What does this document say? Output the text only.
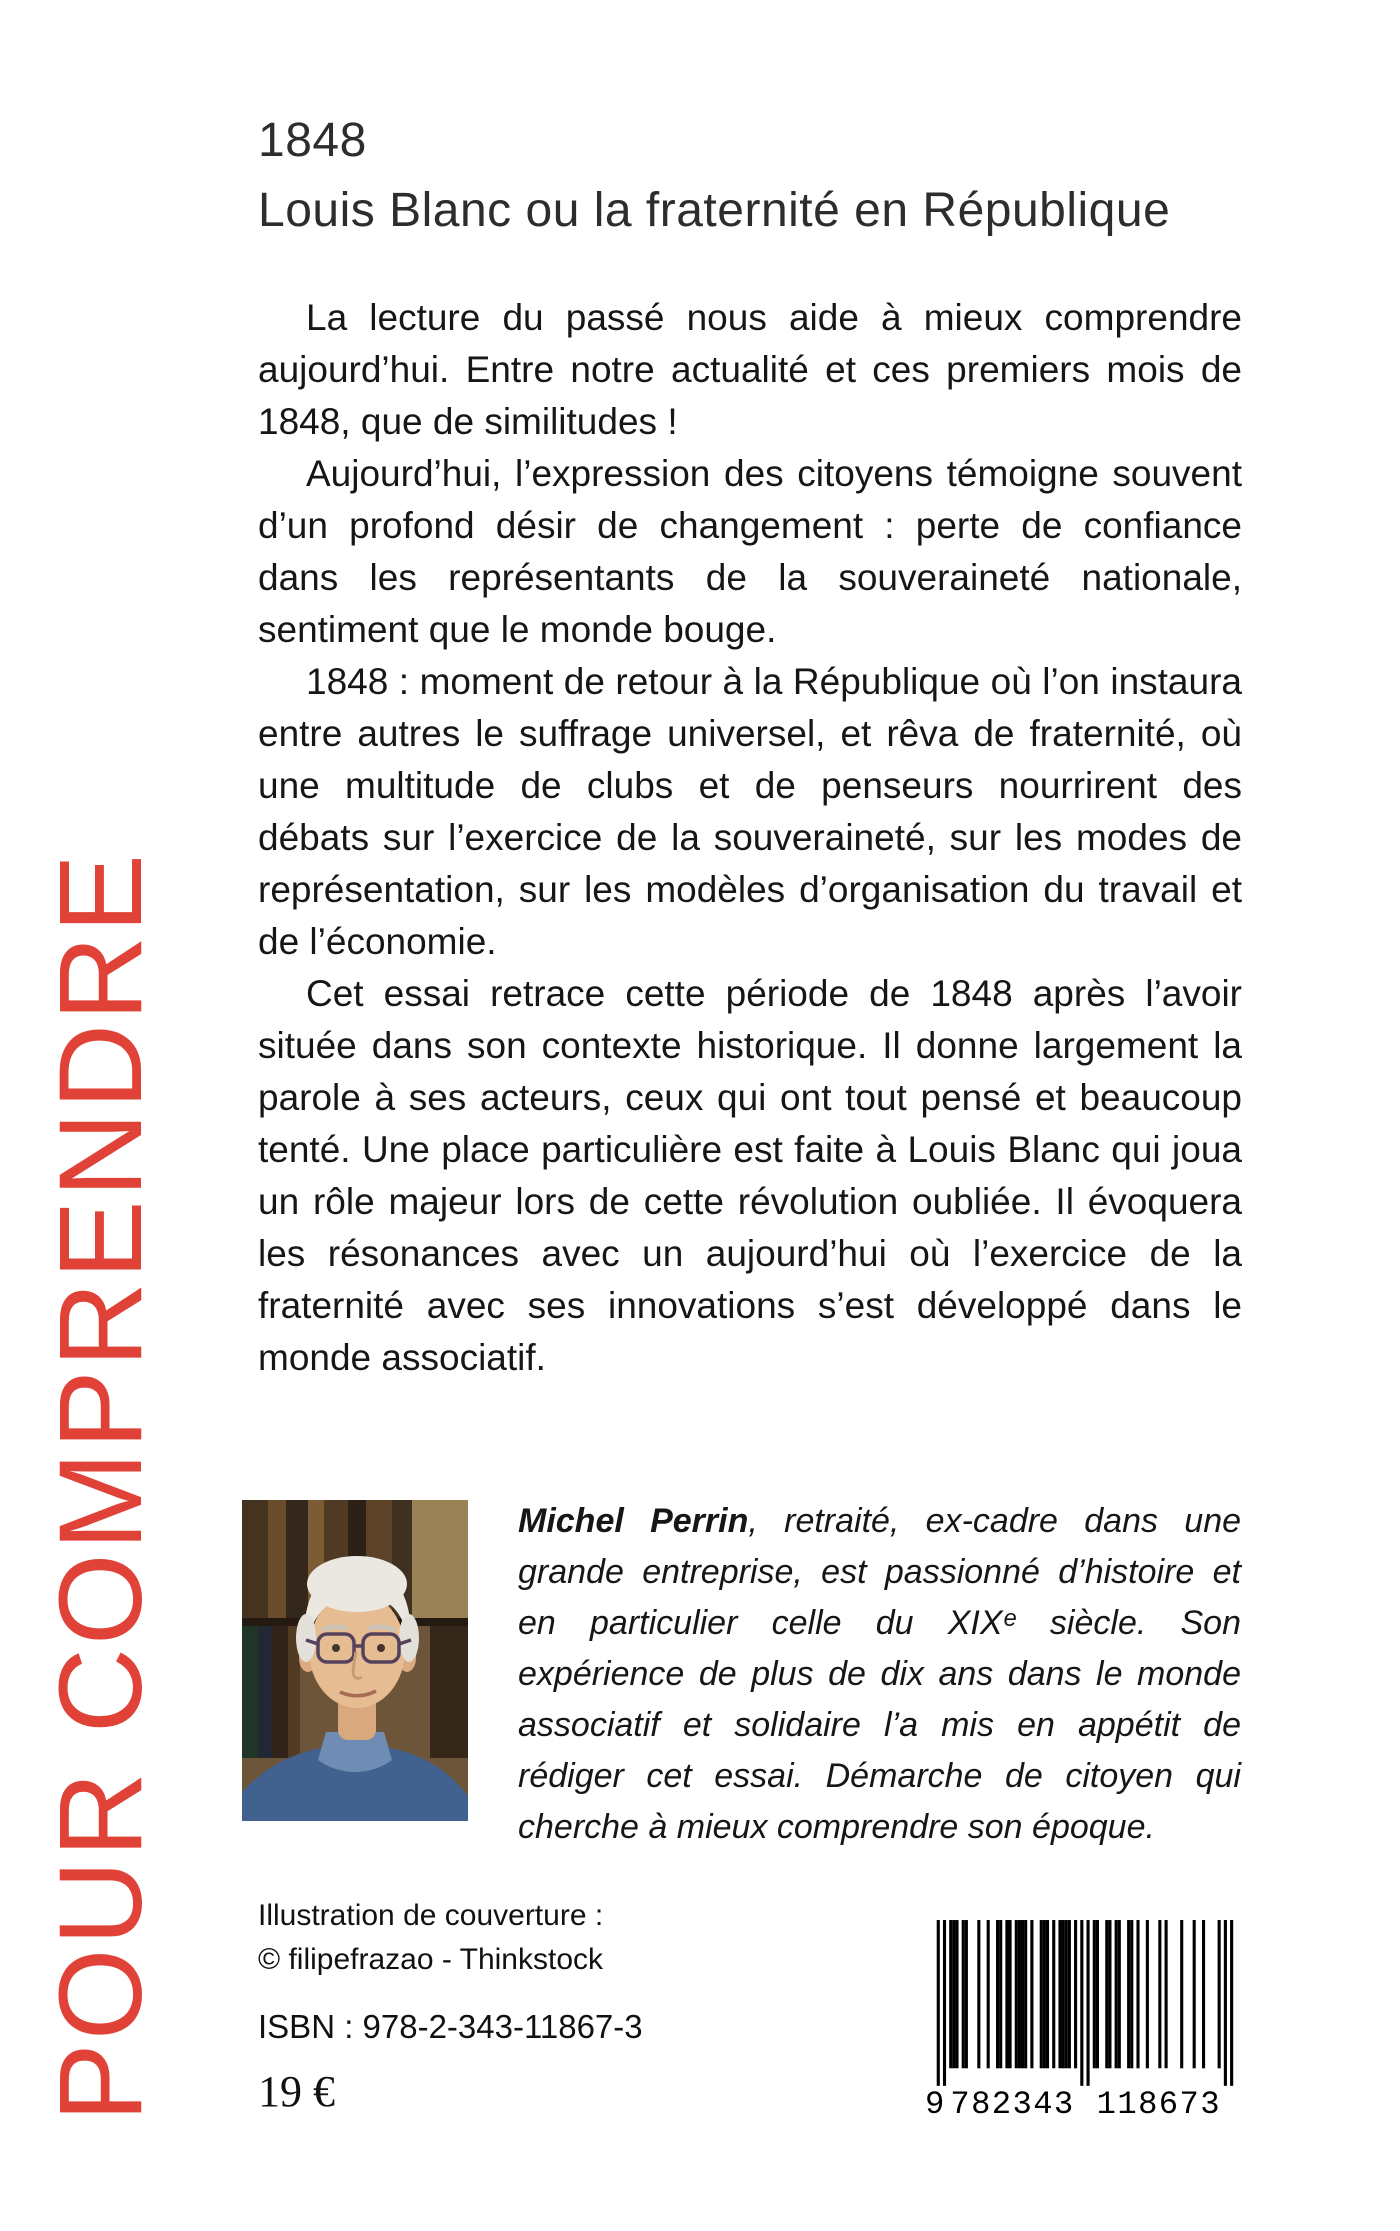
POUR COMPRENDRE
1848
Louis Blanc ou la fraternité en République

La lecture du passé nous aide à mieux comprendre aujourd’hui. Entre notre actualité et ces premiers mois de 1848, que de similitudes !

Aujourd’hui, l’expression des citoyens témoigne souvent d’un profond désir de changement : perte de confiance dans les représentants de la souveraineté nationale, sentiment que le monde bouge.

1848 : moment de retour à la République où l’on instaura entre autres le suffrage universel, et rêva de fraternité, où une multitude de clubs et de penseurs nourrirent des débats sur l’exercice de la souveraineté, sur les modes de représentation, sur les modèles d’organisation du travail et de l’économie.

Cet essai retrace cette période de 1848 après l’avoir située dans son contexte historique. Il donne largement la parole à ses acteurs, ceux qui ont tout pensé et beaucoup tenté. Une place particulière est faite à Louis Blanc qui joua un rôle majeur lors de cette révolution oubliée. Il évoquera les résonances avec un aujourd’hui où l’exercice de la fraternité avec ses innovations s’est développé dans le monde associatif.

Michel Perrin, retraité, ex-cadre dans une grande entreprise, est passionné d’histoire et en particulier celle du XIXᵉ siècle. Son expérience de plus de dix ans dans le monde associatif et solidaire l’a mis en appétit de rédiger cet essai. Démarche de citoyen qui cherche à mieux comprendre son époque.

Illustration de couverture :
© filipefrazao - Thinkstock
ISBN : 978-2-343-11867-3
19 €	9 782343 118673
